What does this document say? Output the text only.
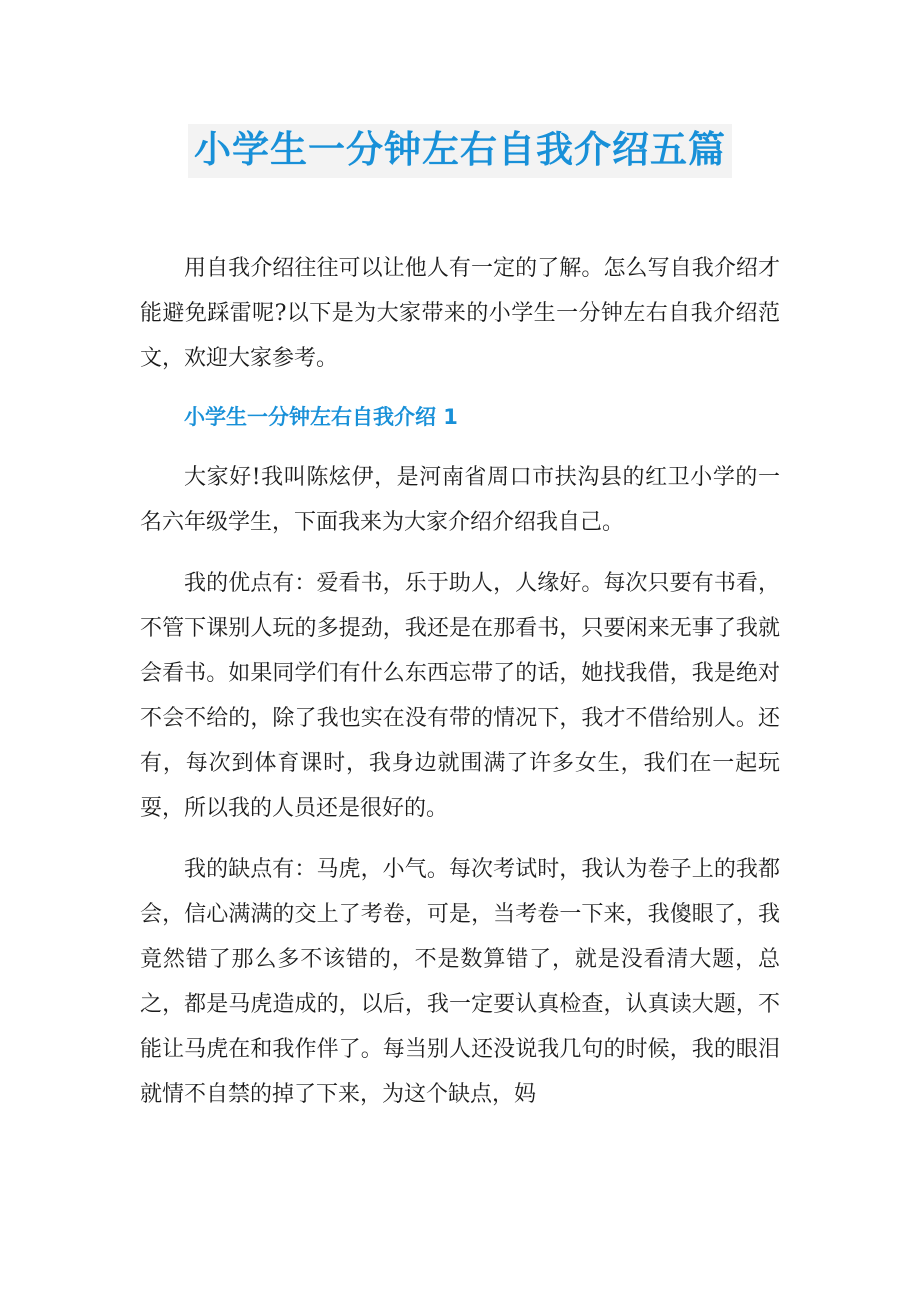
小学生一分钟左右自我介绍五篇

用自我介绍往往可以让他人有一定的了解。怎么写自我介绍才能避免踩雷呢?以下是为大家带来的小学生一分钟左右自我介绍范文，欢迎大家参考。

小学生一分钟左右自我介绍 1

大家好!我叫陈炫伊，是河南省周口市扶沟县的红卫小学的一名六年级学生，下面我来为大家介绍介绍我自己。

我的优点有：爱看书，乐于助人，人缘好。每次只要有书看，不管下课别人玩的多提劲，我还是在那看书，只要闲来无事了我就会看书。如果同学们有什么东西忘带了的话，她找我借，我是绝对不会不给的，除了我也实在没有带的情况下，我才不借给别人。还有，每次到体育课时，我身边就围满了许多女生，我们在一起玩耍，所以我的人员还是很好的。

我的缺点有：马虎，小气。每次考试时，我认为卷子上的我都会，信心满满的交上了考卷，可是，当考卷一下来，我傻眼了，我竟然错了那么多不该错的，不是数算错了，就是没看清大题，总之，都是马虎造成的，以后，我一定要认真检查，认真读大题，不能让马虎在和我作伴了。每当别人还没说我几句的时候，我的眼泪就情不自禁的掉了下来，为这个缺点，妈
